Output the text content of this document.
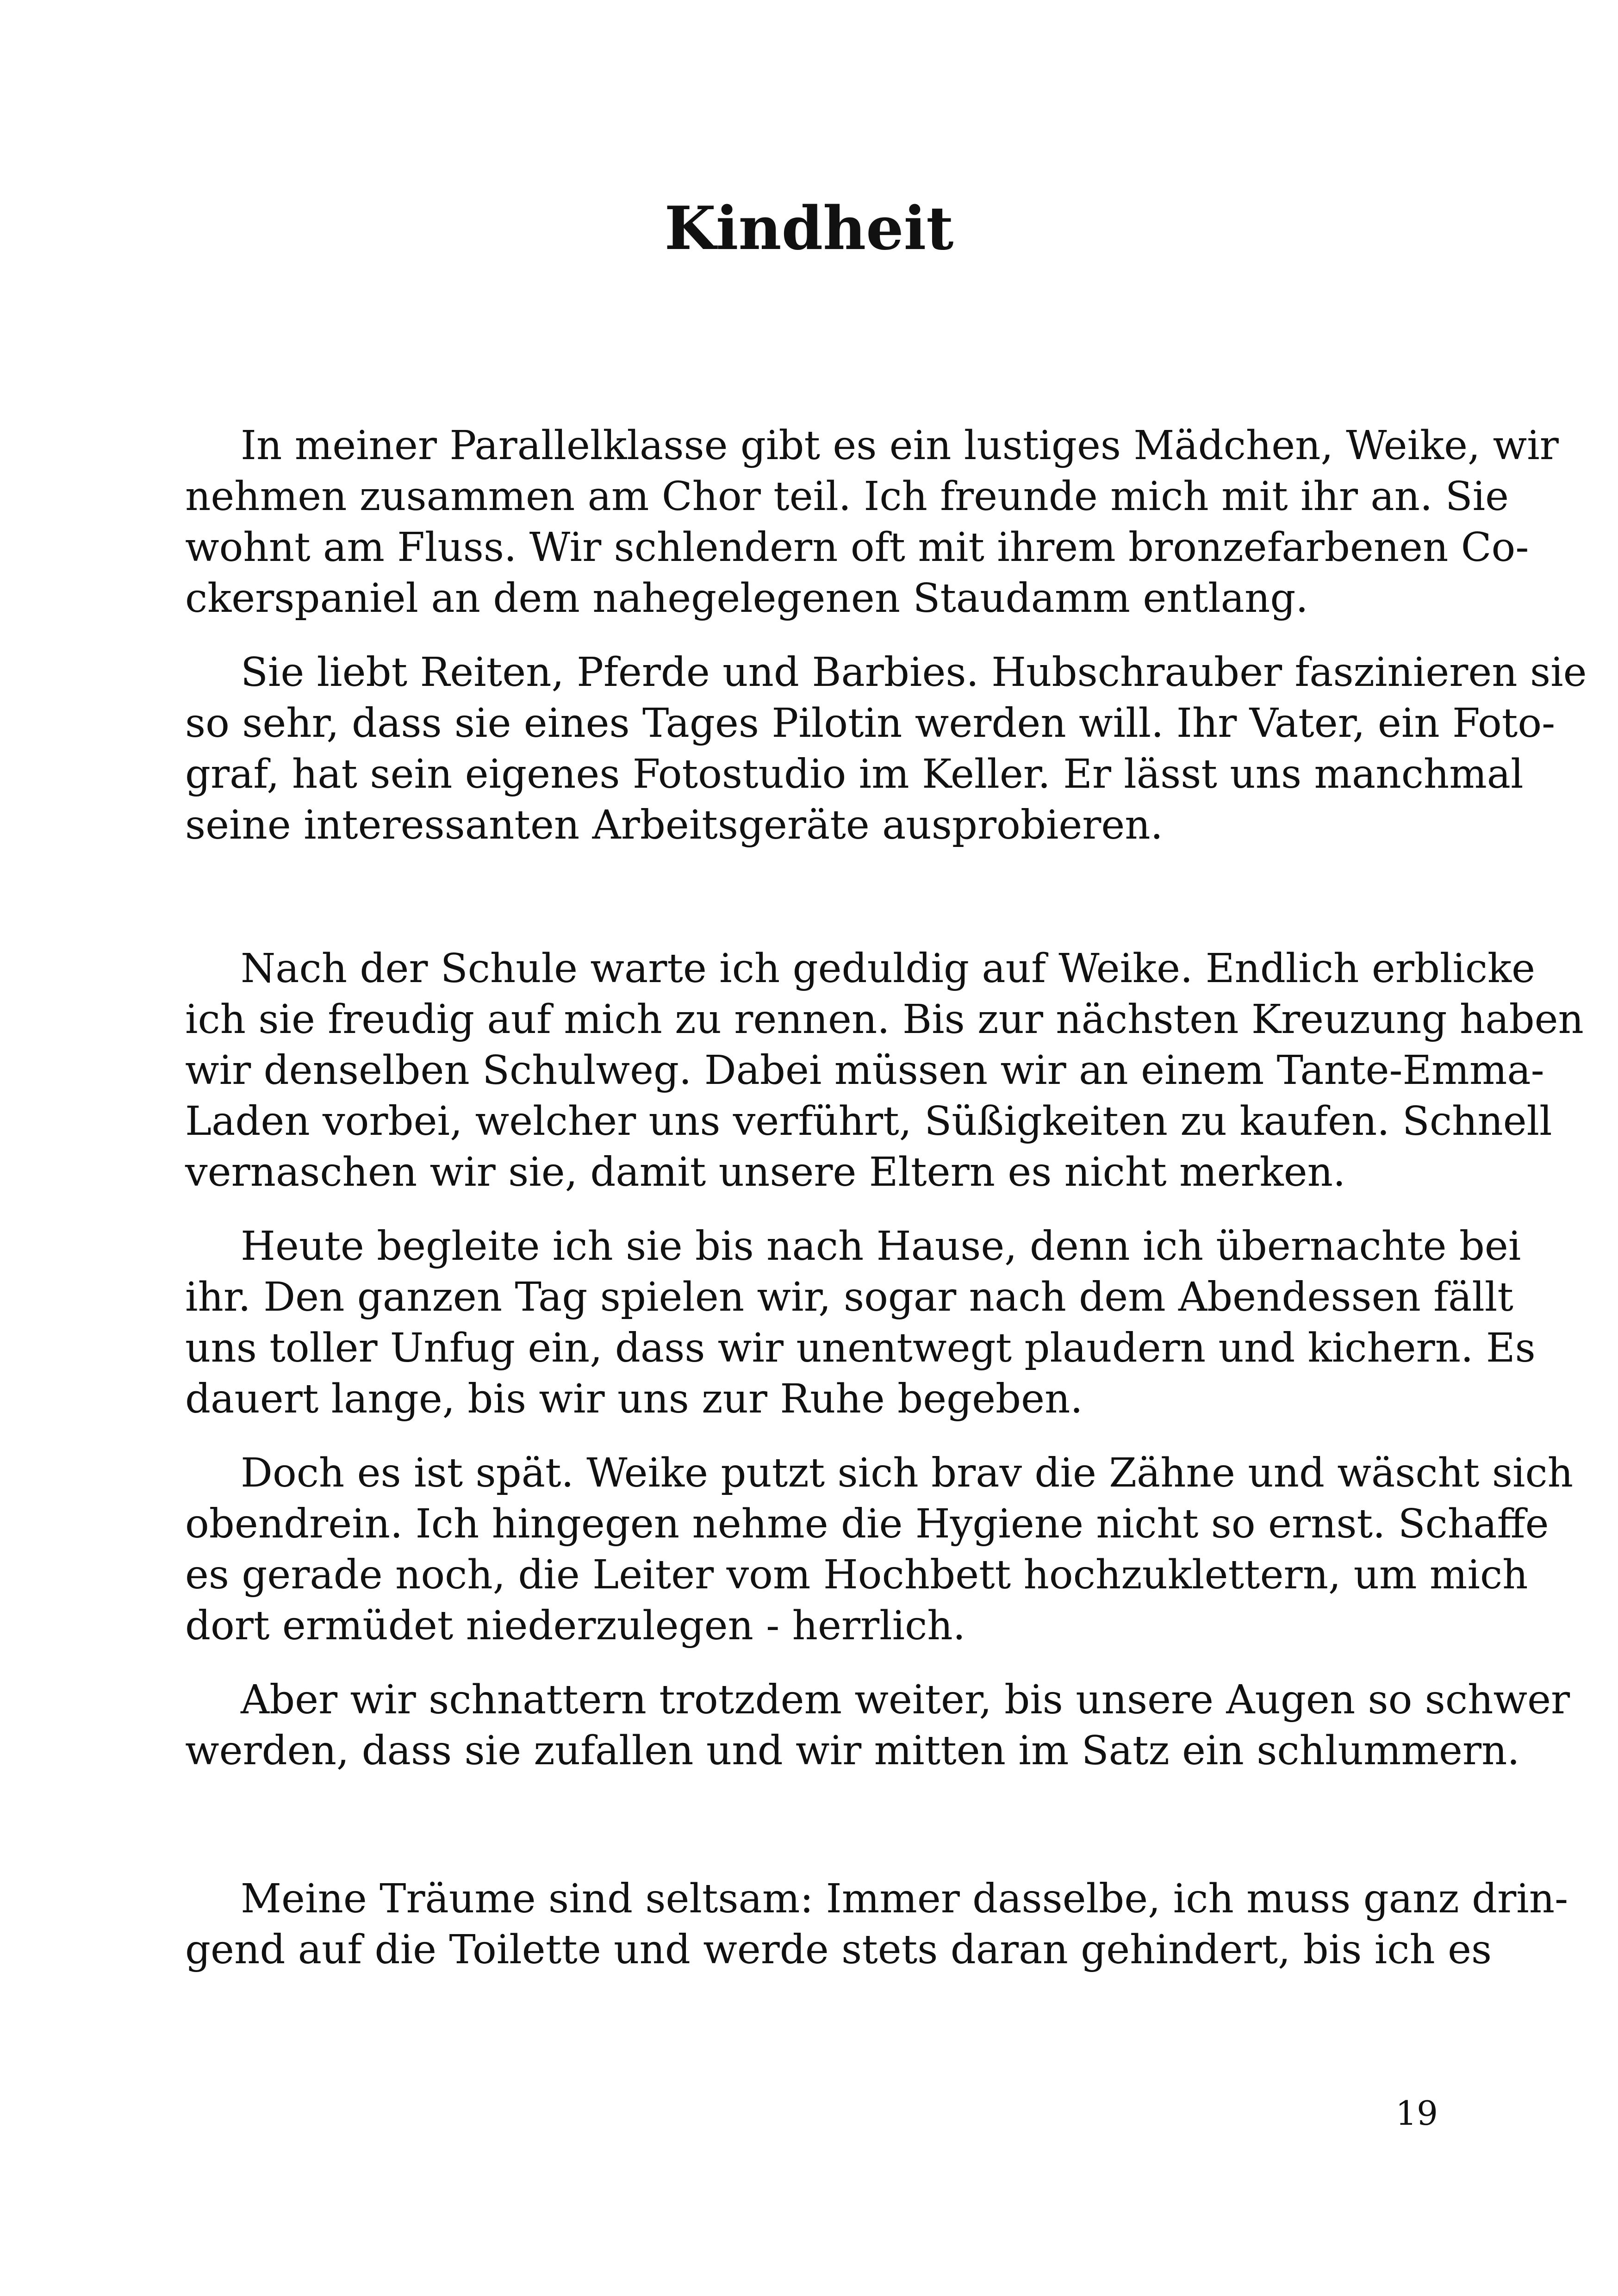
Kindheit
In meiner Parallelklasse gibt es ein lustiges Mädchen, Weike, wir
nehmen zusammen am Chor teil. Ich freunde mich mit ihr an. Sie
wohnt am Fluss. Wir schlendern oft mit ihrem bronzefarbenen Co-
ckerspaniel an dem nahegelegenen Staudamm entlang.
Sie liebt Reiten, Pferde und Barbies. Hubschrauber faszinieren sie
so sehr, dass sie eines Tages Pilotin werden will. Ihr Vater, ein Foto-
graf, hat sein eigenes Fotostudio im Keller. Er lässt uns manchmal
seine interessanten Arbeitsgeräte ausprobieren.
Nach der Schule warte ich geduldig auf Weike. Endlich erblicke
ich sie freudig auf mich zu rennen. Bis zur nächsten Kreuzung haben
wir denselben Schulweg. Dabei müssen wir an einem Tante-Emma-
Laden vorbei, welcher uns verführt, Süßigkeiten zu kaufen. Schnell
vernaschen wir sie, damit unsere Eltern es nicht merken.
Heute begleite ich sie bis nach Hause, denn ich übernachte bei
ihr. Den ganzen Tag spielen wir, sogar nach dem Abendessen fällt
uns toller Unfug ein, dass wir unentwegt plaudern und kichern. Es
dauert lange, bis wir uns zur Ruhe begeben.
Doch es ist spät. Weike putzt sich brav die Zähne und wäscht sich
obendrein. Ich hingegen nehme die Hygiene nicht so ernst. Schaffe
es gerade noch, die Leiter vom Hochbett hochzuklettern, um mich
dort ermüdet niederzulegen - herrlich.
Aber wir schnattern trotzdem weiter, bis unsere Augen so schwer
werden, dass sie zufallen und wir mitten im Satz ein schlummern.
Meine Träume sind seltsam: Immer dasselbe, ich muss ganz drin-
gend auf die Toilette und werde stets daran gehindert, bis ich es
19
